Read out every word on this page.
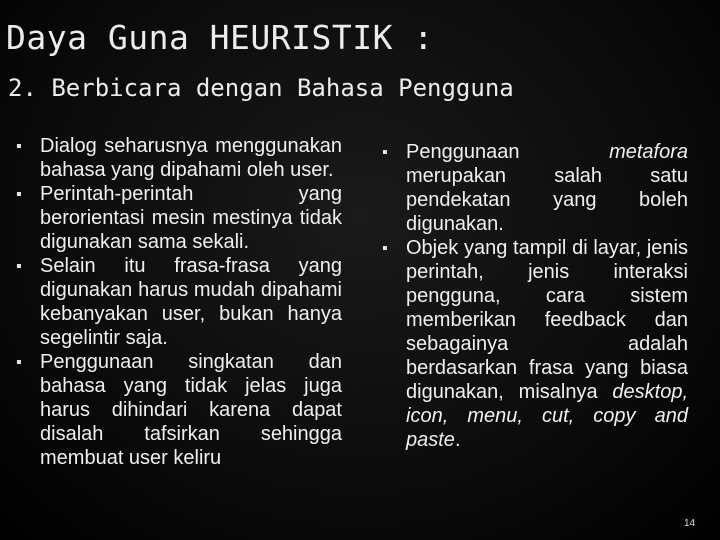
Daya Guna HEURISTIK :
2. Berbicara dengan Bahasa Pengguna
▪ Dialog seharusnya menggunakan bahasa yang dipahami oleh user.
▪ Perintah-perintah yang berorientasi mesin mestinya tidak digunakan sama sekali.
▪ Selain itu frasa-frasa yang digunakan harus mudah dipahami kebanyakan user, bukan hanya segelintir saja.
▪ Penggunaan singkatan dan bahasa yang tidak jelas juga harus dihindari karena dapat disalah tafsirkan sehingga membuat user keliru
▪ Penggunaan metafora merupakan salah satu pendekatan yang boleh digunakan.
▪ Objek yang tampil di layar, jenis perintah, jenis interaksi pengguna, cara sistem memberikan feedback dan sebagainya adalah berdasarkan frasa yang biasa digunakan, misalnya desktop, icon, menu, cut, copy and paste.
14
